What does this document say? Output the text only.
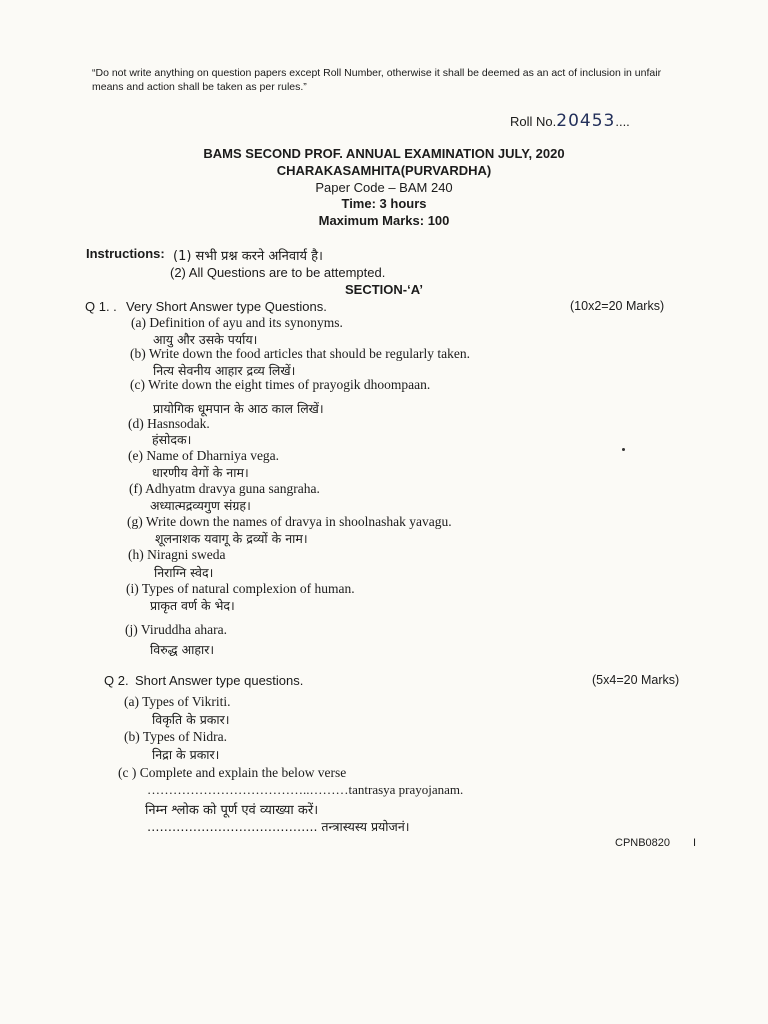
“Do not write anything on question papers except Roll Number, otherwise it shall be deemed as an act of inclusion in unfair means and action shall be taken as per rules.”
Roll No.20453....
BAMS SECOND PROF. ANNUAL EXAMINATION JULY, 2020
CHARAKASAMHITA(PURVARDHA)
Paper Code – BAM 240
Time: 3 hours
Maximum Marks: 100
Instructions: (1) सभी प्रश्न करने अनिवार्य है।
(2) All Questions are to be attempted.
SECTION-‘A’
Q 1. . Very Short Answer type Questions.	(10x2=20 Marks)
(a) Definition of ayu and its synonyms.
आयु और उसके पर्याय।
(b) Write down the food articles that should be regularly taken.
नित्य सेवनीय आहार द्रव्य लिखें।
(c) Write down the eight times of prayogik dhoompaan.
प्रायोगिक धूमपान के आठ काल लिखें।
(d) Hasnsodak.
हंसोदक।
(e) Name of Dharniya vega.
धारणीय वेगों के नाम।
(f) Adhyatm dravya guna sangraha.
अध्यात्मद्रव्यगुण संग्रह।
(g) Write down the names of dravya in shoolnashak yavagu.
शूलनाशक यवागू के द्रव्यों के नाम।
(h) Niragni sweda
निराग्नि स्वेद।
(i) Types of natural complexion of human.
प्राकृत वर्ण के भेद।
(j) Viruddha ahara.
विरुद्ध आहार।
Q 2. Short Answer type questions.	(5x4=20 Marks)
(a) Types of Vikriti.
विकृति के प्रकार।
(b) Types of Nidra.
निद्रा के प्रकार।
(c ) Complete and explain the below verse
………………………………..………tantrasya prayojanam.
निम्न श्लोक को पूर्ण एवं व्याख्या करें।
………………………………….. तन्त्रास्यस्य प्रयोजनं।
CPNB0820 I
